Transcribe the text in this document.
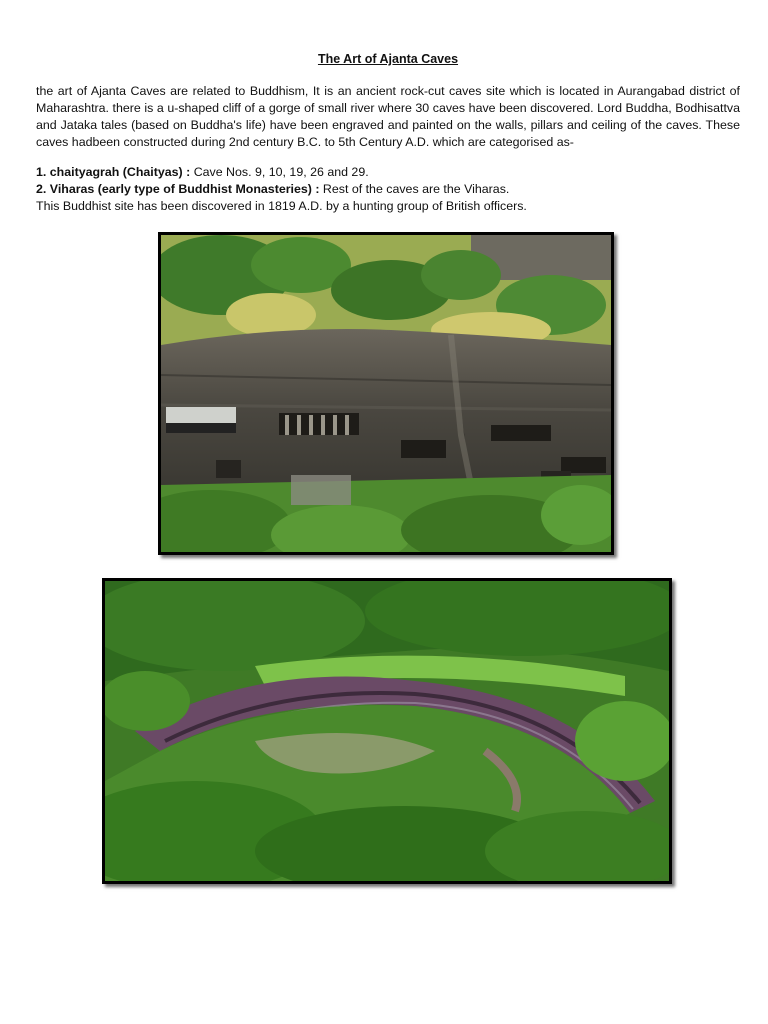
The Art of Ajanta Caves
the art of Ajanta Caves are related to Buddhism, It is an ancient rock-cut caves site which is located in Aurangabad district of Maharashtra. there is a u-shaped cliff of a gorge of small river where 30 caves have been discovered. Lord Buddha, Bodhisattva and Jataka tales (based on Buddha's life) have been engraved and painted on the walls, pillars and ceiling of the caves. These caves hadbeen constructed during 2nd century B.C. to 5th Century A.D. which are categorised as-
1. chaityagrah (Chaityas) : Cave Nos. 9, 10, 19, 26 and 29.
2. Viharas (early type of Buddhist Monasteries) : Rest of the caves are the Viharas.
This Buddhist site has been discovered in 1819 A.D. by a hunting group of British officers.
